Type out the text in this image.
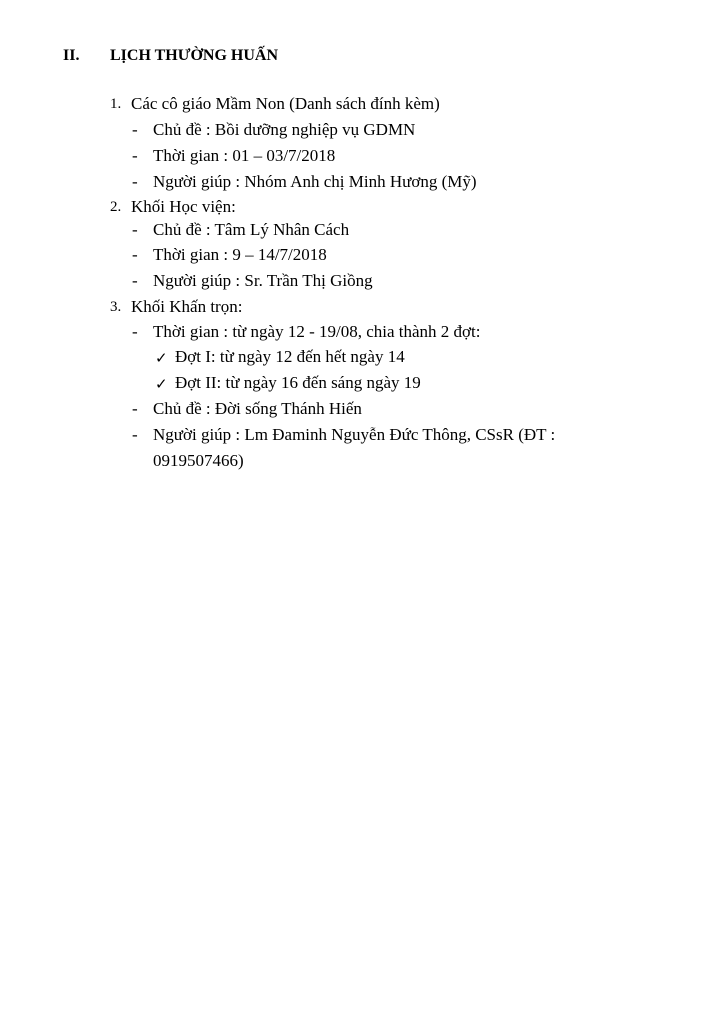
II. LỊCH THƯỜNG HUẤN
1. Các cô giáo Mầm Non (Danh sách đính kèm)
- Chủ đề : Bồi dưỡng nghiệp vụ GDMN
- Thời gian : 01 – 03/7/2018
- Người giúp : Nhóm Anh chị Minh Hương (Mỹ)
2. Khối Học viện:
- Chủ đề : Tâm Lý Nhân Cách
- Thời gian : 9 – 14/7/2018
- Người giúp : Sr. Trần Thị Giồng
3. Khối Khấn trọn:
- Thời gian : từ ngày 12 - 19/08, chia thành 2 đợt:
✓ Đợt I: từ ngày 12 đến hết ngày 14
✓ Đợt II: từ ngày 16 đến sáng ngày 19
- Chủ đề : Đời sống Thánh Hiến
- Người giúp : Lm Đaminh Nguyễn Đức Thông, CSsR (ĐT :
0919507466)
